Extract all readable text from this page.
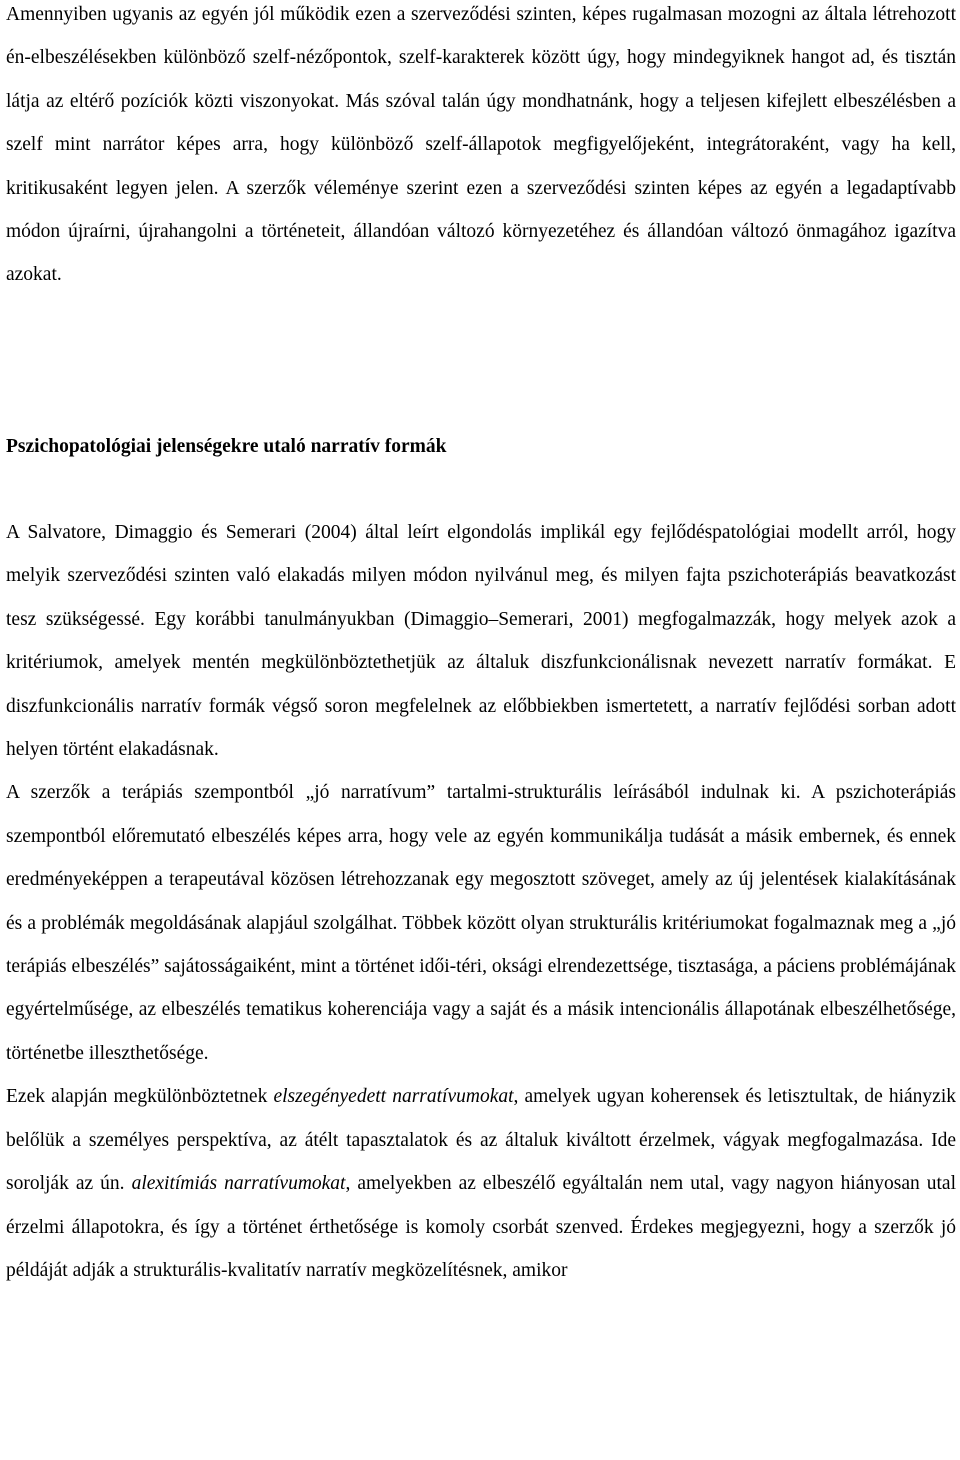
Amennyiben ugyanis az egyén jól működik ezen a szerveződési szinten, képes rugalmasan mozogni az általa létrehozott én-elbeszélésekben különböző szelf-nézőpontok, szelf-karakterek között úgy, hogy mindegyiknek hangot ad, és tisztán látja az eltérő pozíciók közti viszonyokat. Más szóval talán úgy mondhatnánk, hogy a teljesen kifejlett elbeszélésben a szelf mint narrátor képes arra, hogy különböző szelf-állapotok megfigyelőjeként, integrátoraként, vagy ha kell, kritikusaként legyen jelen. A szerzők véleménye szerint ezen a szerveződési szinten képes az egyén a legadaptívabb módon újraírni, újrahangolni a történeteit, állandóan változó környezetéhez és állandóan változó önmagához igazítva azokat.

Pszichopatológiai jelenségekre utaló narratív formák

A Salvatore, Dimaggio és Semerari (2004) által leírt elgondolás implikál egy fejlődéspatológiai modellt arról, hogy melyik szerveződési szinten való elakadás milyen módon nyilvánul meg, és milyen fajta pszichoterápiás beavatkozást tesz szükségessé. Egy korábbi tanulmányukban (Dimaggio–Semerari, 2001) megfogalmazzák, hogy melyek azok a kritériumok, amelyek mentén megkülönböztethetjük az általuk diszfunkcionálisnak nevezett narratív formákat. E diszfunkcionális narratív formák végső soron megfelelnek az előbbiekben ismertetett, a narratív fejlődési sorban adott helyen történt elakadásnak.

A szerzők a terápiás szempontból „jó narratívum” tartalmi-strukturális leírásából indulnak ki. A pszichoterápiás szempontból előremutató elbeszélés képes arra, hogy vele az egyén kommunikálja tudását a másik embernek, és ennek eredményeképpen a terapeutával közösen létrehozzanak egy megosztott szöveget, amely az új jelentések kialakításának és a problémák megoldásának alapjául szolgálhat. Többek között olyan strukturális kritériumokat fogalmaznak meg a „jó terápiás elbeszélés” sajátosságaiként, mint a történet idői-téri, oksági elrendezettsége, tisztasága, a páciens problémájának egyértelműsége, az elbeszélés tematikus koherenciája vagy a saját és a másik intencionális állapotának elbeszélhetősége, történetbe illeszthetősége.

Ezek alapján megkülönböztetnek elszegényedett narratívumokat, amelyek ugyan koherensek és letisztultak, de hiányzik belőlük a személyes perspektíva, az átélt tapasztalatok és az általuk kiváltott érzelmek, vágyak megfogalmazása. Ide sorolják az ún. alexitímiás narratívumokat, amelyekben az elbeszélő egyáltalán nem utal, vagy nagyon hiányosan utal érzelmi állapotokra, és így a történet érthetősége is komoly csorbát szenved. Érdekes megjegyezni, hogy a szerzők jó példáját adják a strukturális-kvalitatív narratív megközelítésnek, amikor
